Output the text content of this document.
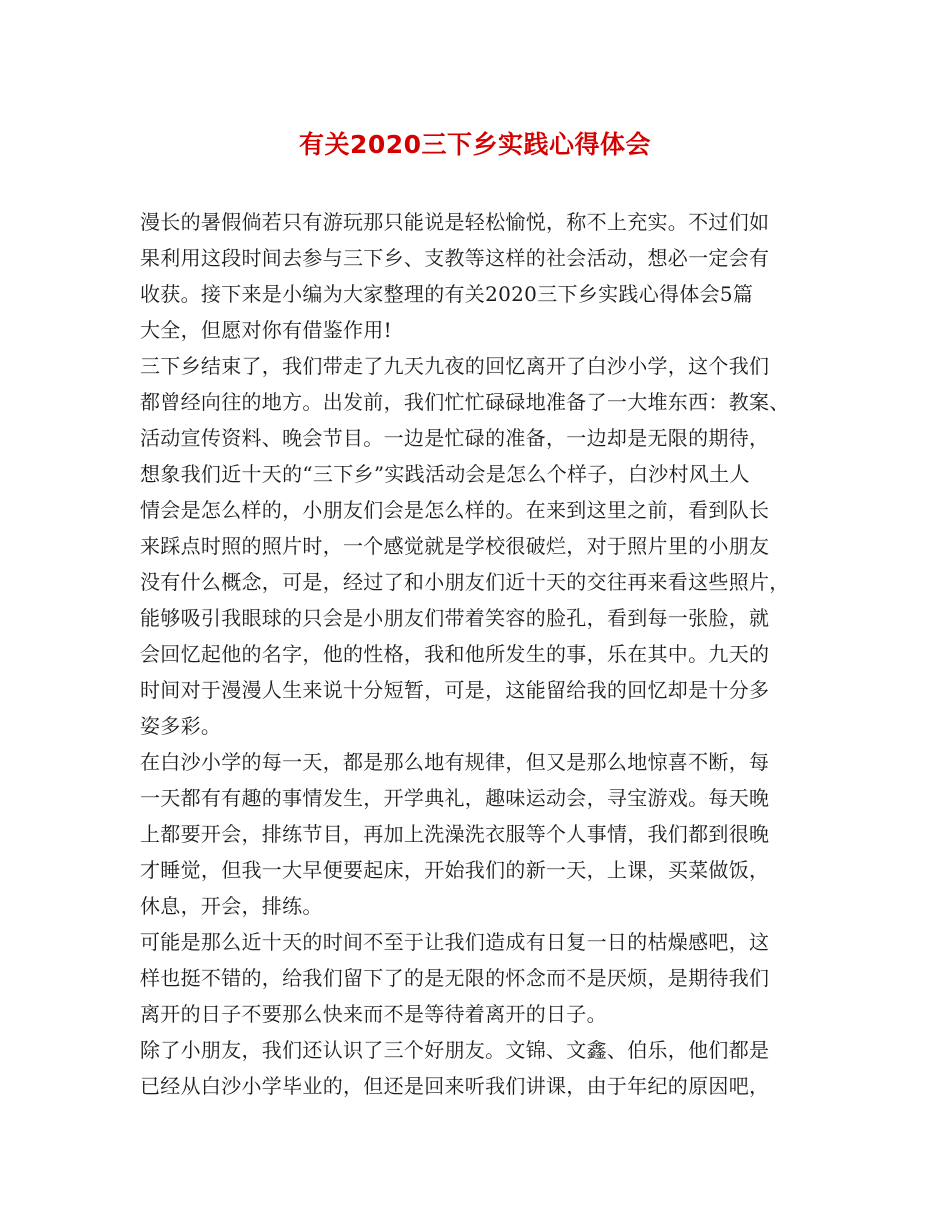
有关2020三下乡实践心得体会
漫长的暑假倘若只有游玩那只能说是轻松愉悦，称不上充实。不过们如
果利用这段时间去参与三下乡、支教等这样的社会活动，想必一定会有
收获。接下来是小编为大家整理的有关2020三下乡实践心得体会5篇
大全，但愿对你有借鉴作用!
三下乡结束了，我们带走了九天九夜的回忆离开了白沙小学，这个我们
都曾经向往的地方。出发前，我们忙忙碌碌地准备了一大堆东西：教案、
活动宣传资料、晚会节目。一边是忙碌的准备，一边却是无限的期待，
想象我们近十天的“三下乡”实践活动会是怎么个样子，白沙村风土人
情会是怎么样的，小朋友们会是怎么样的。在来到这里之前，看到队长
来踩点时照的照片时，一个感觉就是学校很破烂，对于照片里的小朋友
没有什么概念，可是，经过了和小朋友们近十天的交往再来看这些照片，
能够吸引我眼球的只会是小朋友们带着笑容的脸孔，看到每一张脸，就
会回忆起他的名字，他的性格，我和他所发生的事，乐在其中。九天的
时间对于漫漫人生来说十分短暂，可是，这能留给我的回忆却是十分多
姿多彩。
在白沙小学的每一天，都是那么地有规律，但又是那么地惊喜不断，每
一天都有有趣的事情发生，开学典礼，趣味运动会，寻宝游戏。每天晚
上都要开会，排练节目，再加上洗澡洗衣服等个人事情，我们都到很晚
才睡觉，但我一大早便要起床，开始我们的新一天，上课，买菜做饭，
休息，开会，排练。
可能是那么近十天的时间不至于让我们造成有日复一日的枯燥感吧，这
样也挺不错的，给我们留下了的是无限的怀念而不是厌烦，是期待我们
离开的日子不要那么快来而不是等待着离开的日子。
除了小朋友，我们还认识了三个好朋友。文锦、文鑫、伯乐，他们都是
已经从白沙小学毕业的，但还是回来听我们讲课，由于年纪的原因吧，
